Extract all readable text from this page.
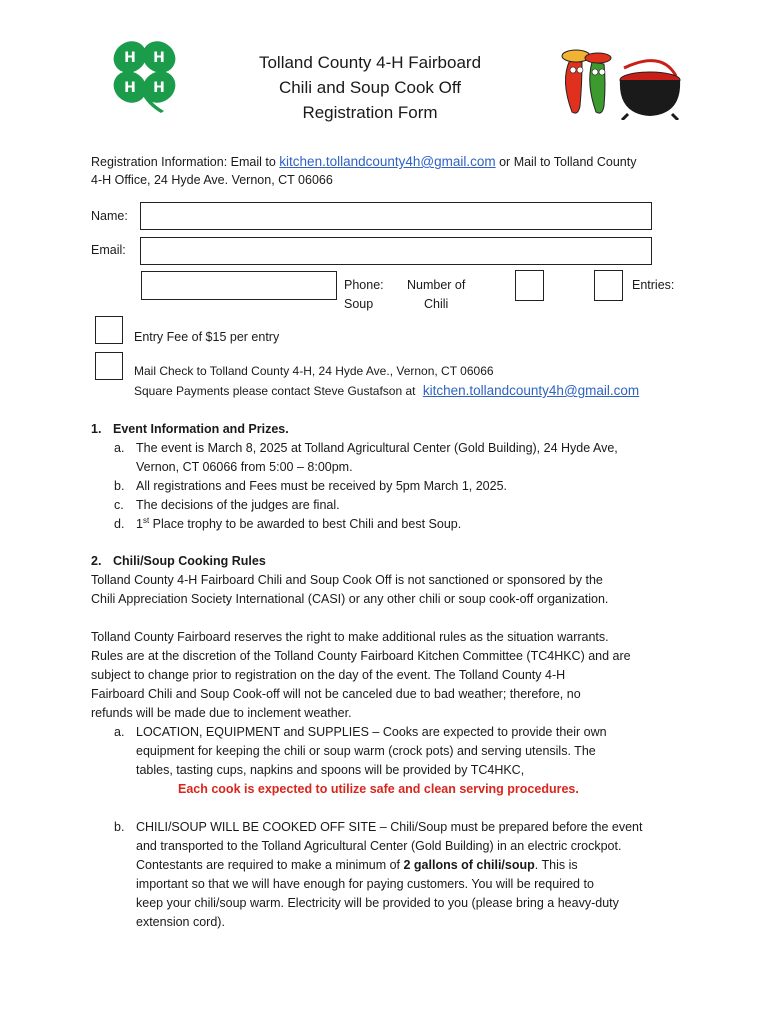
H H
H H
Tolland County 4-H Fairboard
Chili and Soup Cook Off
Registration Form
Registration Information: Email to kitchen.tollandcounty4h@gmail.com or Mail to Tolland County
4-H Office, 24 Hyde Ave. Vernon, CT 06066
Name:
Email:
Phone:
Soup
Number of
Chili
Entries:
Entry Fee of $15 per entry
Mail Check to Tolland County 4-H, 24 Hyde Ave., Vernon, CT 06066
Square Payments please contact Steve Gustafson at kitchen.tollandcounty4h@gmail.com
1. Event Information and Prizes.
a. The event is March 8, 2025 at Tolland Agricultural Center (Gold Building), 24 Hyde Ave,
Vernon, CT 06066 from 5:00 – 8:00pm.
b. All registrations and Fees must be received by 5pm March 1, 2025.
c. The decisions of the judges are final.
d. 1st Place trophy to be awarded to best Chili and best Soup.
2. Chili/Soup Cooking Rules
Tolland County 4-H Fairboard Chili and Soup Cook Off is not sanctioned or sponsored by the
Chili Appreciation Society International (CASI) or any other chili or soup cook-off organization.
Tolland County Fairboard reserves the right to make additional rules as the situation warrants.
Rules are at the discretion of the Tolland County Fairboard Kitchen Committee (TC4HKC) and are
subject to change prior to registration on the day of the event. The Tolland County 4-H
Fairboard Chili and Soup Cook-off will not be canceled due to bad weather; therefore, no
refunds will be made due to inclement weather.
a. LOCATION, EQUIPMENT and SUPPLIES – Cooks are expected to provide their own
equipment for keeping the chili or soup warm (crock pots) and serving utensils. The
tables, tasting cups, napkins and spoons will be provided by TC4HKC,
Each cook is expected to utilize safe and clean serving procedures.
b. CHILI/SOUP WILL BE COOKED OFF SITE – Chili/Soup must be prepared before the event
and transported to the Tolland Agricultural Center (Gold Building) in an electric crockpot.
Contestants are required to make a minimum of 2 gallons of chili/soup. This is
important so that we will have enough for paying customers. You will be required to
keep your chili/soup warm. Electricity will be provided to you (please bring a heavy-duty
extension cord).
